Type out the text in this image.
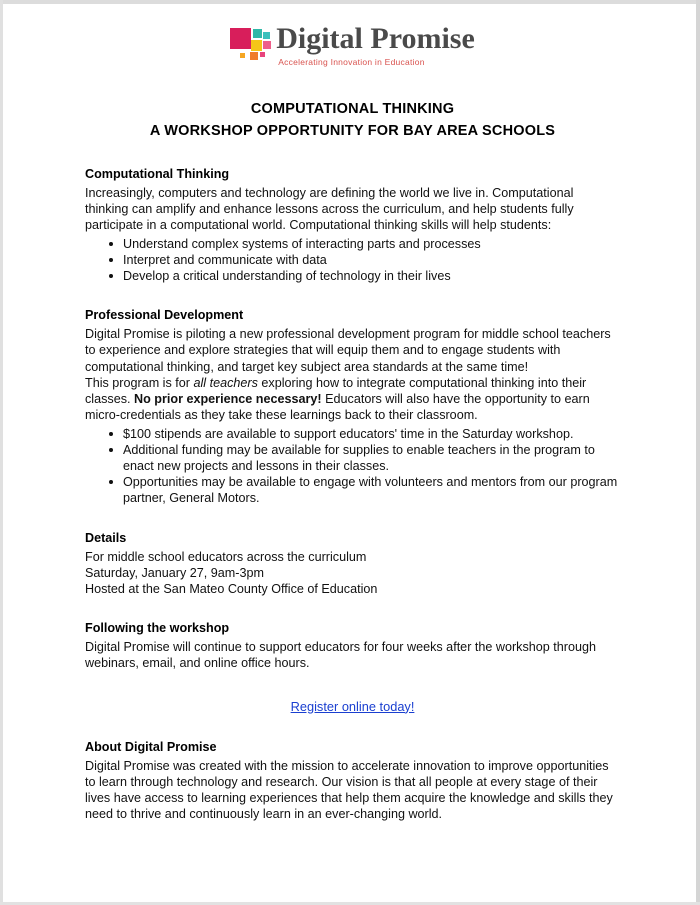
Digital Promise
Accelerating Innovation in Education
COMPUTATIONAL THINKING
A WORKSHOP OPPORTUNITY FOR BAY AREA SCHOOLS
Computational Thinking

Increasingly, computers and technology are defining the world we live in. Computational
thinking can amplify and enhance lessons across the curriculum, and help students fully
participate in a computational world. Computational thinking skills will help students:

Understand complex systems of interacting parts and processes
Interpret and communicate with data
Develop a critical understanding of technology in their lives
Professional Development

Digital Promise is piloting a new professional development program for middle school teachers
to experience and explore strategies that will equip them and to engage students with
computational thinking, and target key subject area standards at the same time!

This program is for all teachers exploring how to integrate computational thinking into their classes. No prior experience necessary! Educators will also have the opportunity to earn micro-credentials as they take these learnings back to their classroom.

$100 stipends are available to support educators' time in the Saturday workshop.
Additional funding may be available for supplies to enable teachers in the program to enact new projects and lessons in their classes.
Opportunities may be available to engage with volunteers and mentors from our program partner, General Motors.
Details

For middle school educators across the curriculum
Saturday, January 27, 9am-3pm
Hosted at the San Mateo County Office of Education

Following the workshop

Digital Promise will continue to support educators for four weeks after the workshop through
webinars, email, and online office hours.

Register online today!
About Digital Promise

Digital Promise was created with the mission to accelerate innovation to improve opportunities
to learn through technology and research. Our vision is that all people at every stage of their
lives have access to learning experiences that help them acquire the knowledge and skills they
need to thrive and continuously learn in an ever-changing world.
